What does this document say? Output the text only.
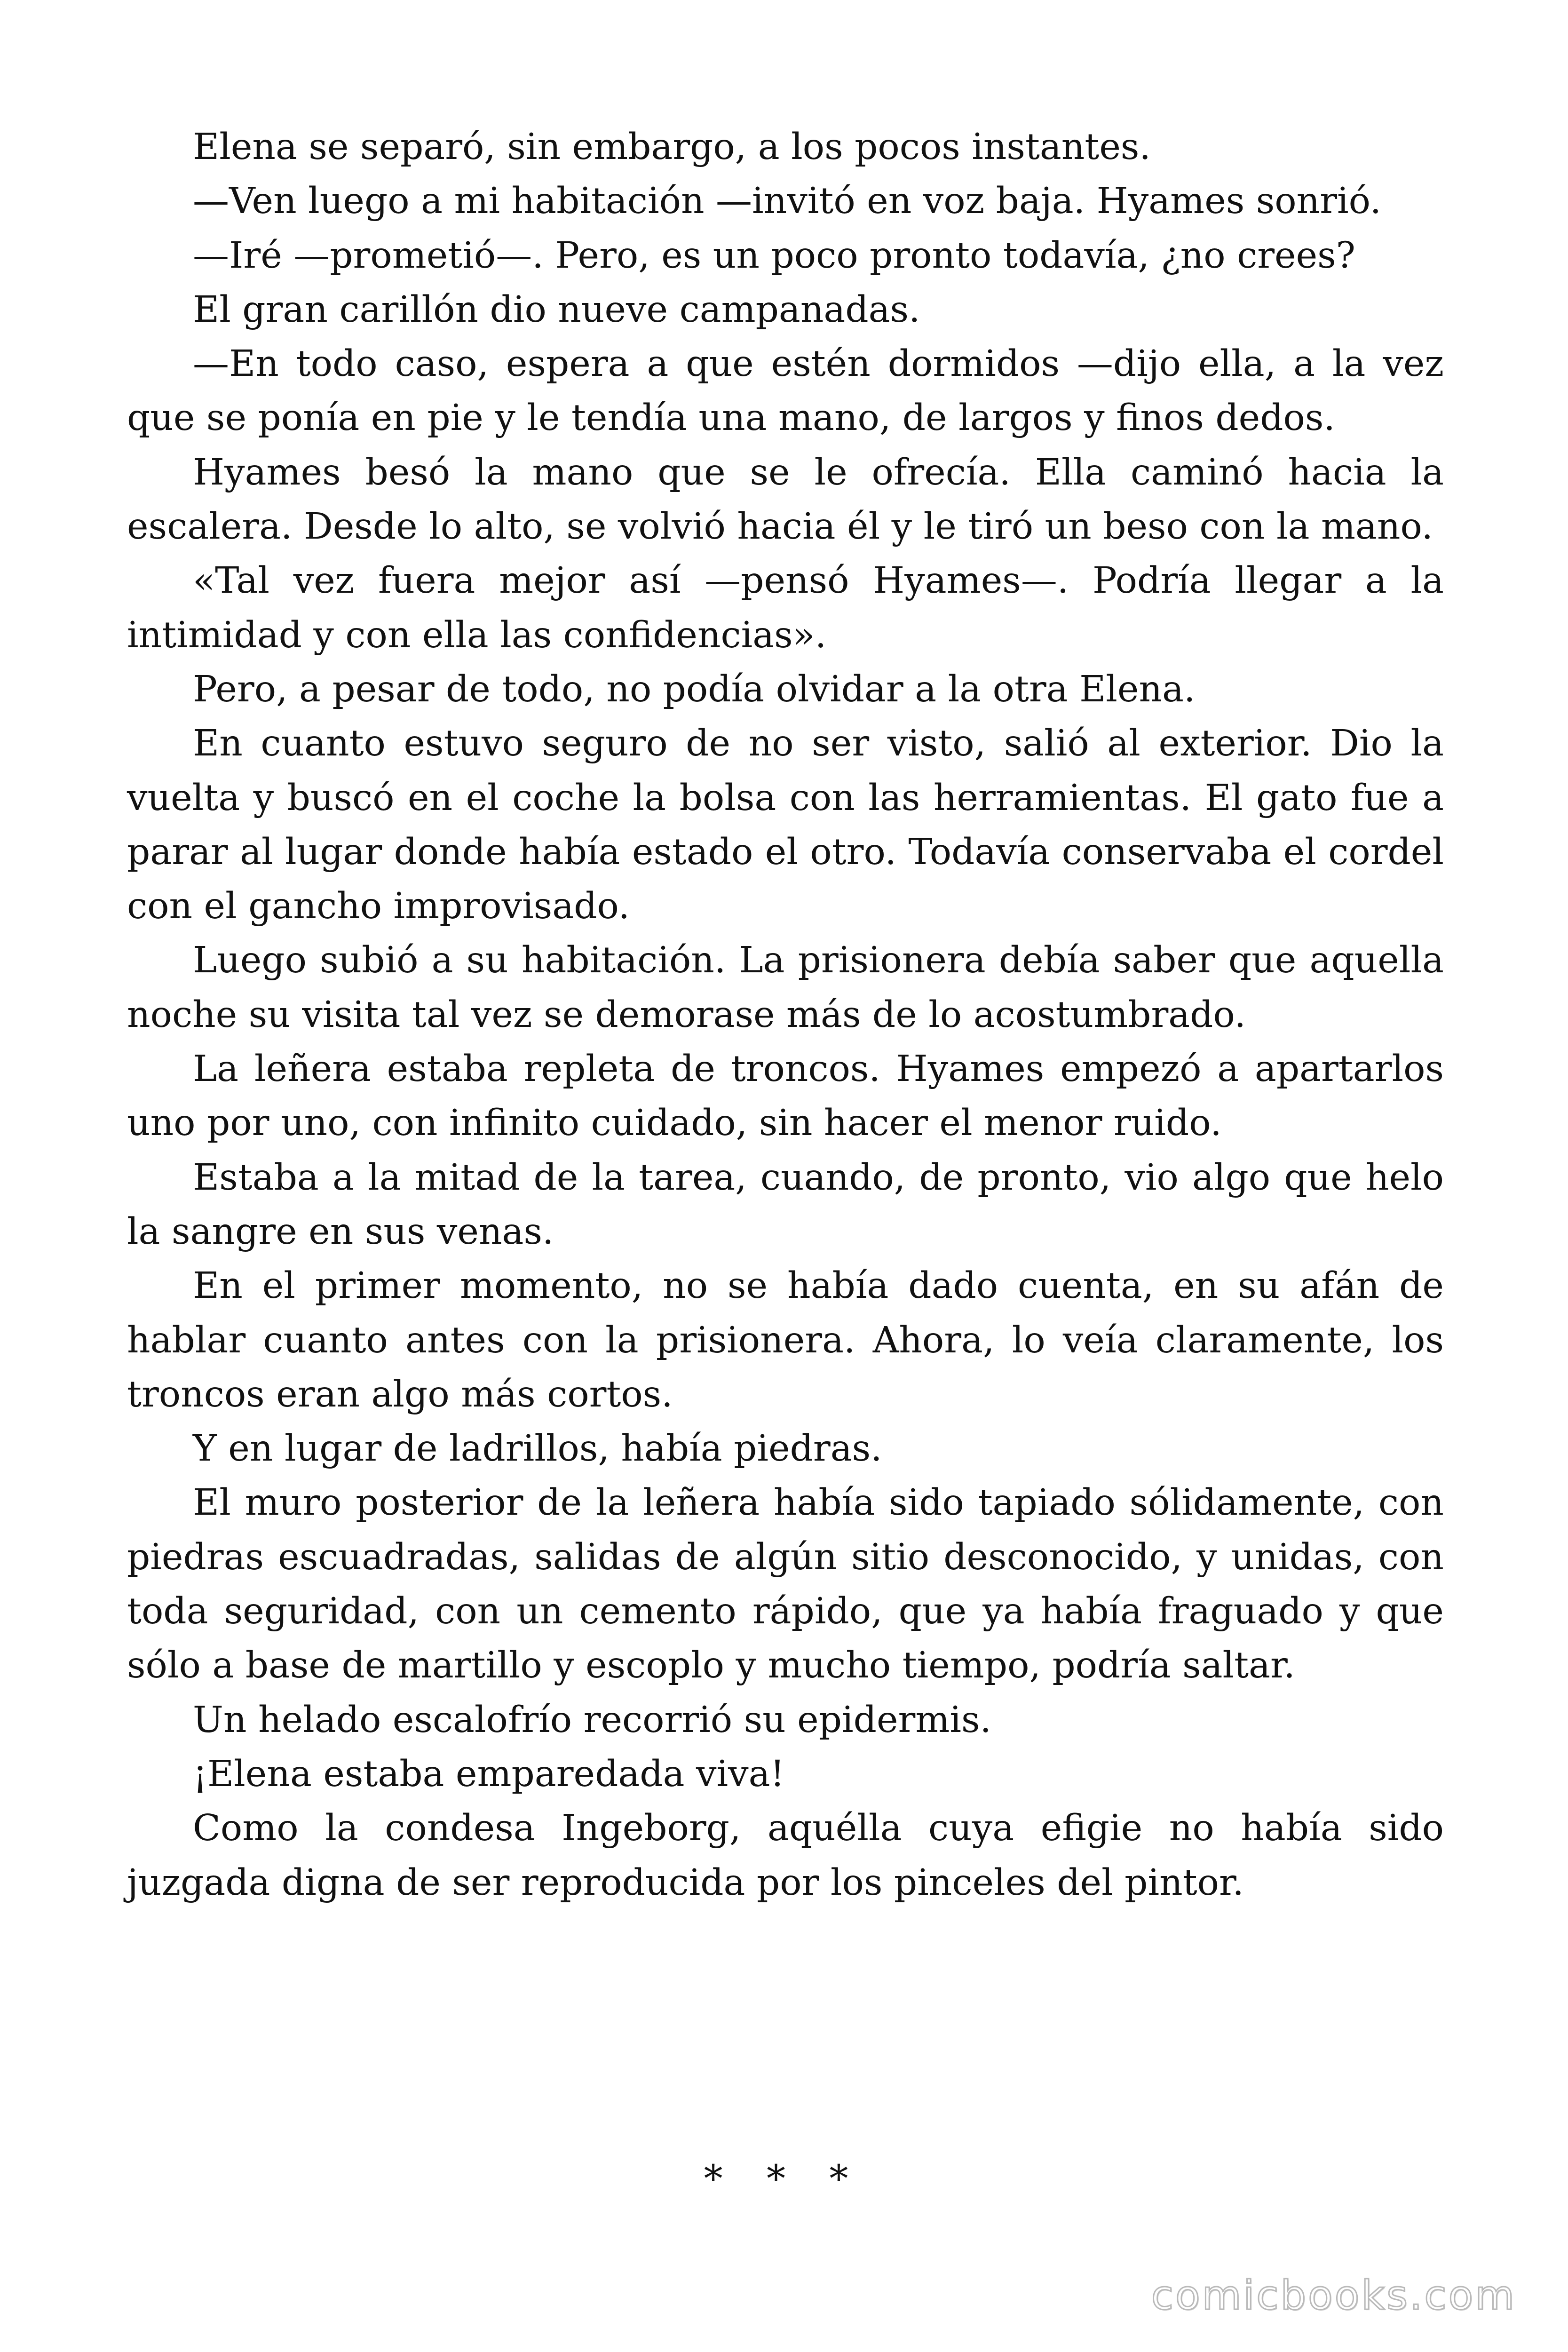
Elena se separó, sin embargo, a los pocos instantes.

—Ven luego a mi habitación —invitó en voz baja. Hyames sonrió.

—Iré —prometió—. Pero, es un poco pronto todavía, ¿no crees?

El gran carillón dio nueve campanadas.

—En todo caso, espera a que estén dormidos —dijo ella, a la vez que se ponía en pie y le tendía una mano, de largos y finos dedos.

Hyames besó la mano que se le ofrecía. Ella caminó hacia la escalera. Desde lo alto, se volvió hacia él y le tiró un beso con la mano.

«Tal vez fuera mejor así —pensó Hyames—. Podría llegar a la intimidad y con ella las confidencias».

Pero, a pesar de todo, no podía olvidar a la otra Elena.

En cuanto estuvo seguro de no ser visto, salió al exterior. Dio la vuelta y buscó en el coche la bolsa con las herramientas. El gato fue a parar al lugar donde había estado el otro. Todavía conservaba el cordel con el gancho improvisado.

Luego subió a su habitación. La prisionera debía saber que aquella noche su visita tal vez se demorase más de lo acostumbrado.

La leñera estaba repleta de troncos. Hyames empezó a apartarlos uno por uno, con infinito cuidado, sin hacer el menor ruido.

Estaba a la mitad de la tarea, cuando, de pronto, vio algo que helo la sangre en sus venas.

En el primer momento, no se había dado cuenta, en su afán de hablar cuanto antes con la prisionera. Ahora, lo veía claramente, los troncos eran algo más cortos.

Y en lugar de ladrillos, había piedras.

El muro posterior de la leñera había sido tapiado sólidamente, con piedras escuadradas, salidas de algún sitio desconocido, y unidas, con toda seguridad, con un cemento rápido, que ya había fraguado y que sólo a base de martillo y escoplo y mucho tiempo, podría saltar.

Un helado escalofrío recorrió su epidermis.

¡Elena estaba emparedada viva!

Como la condesa Ingeborg, aquélla cuya efigie no había sido juzgada digna de ser reproducida por los pinceles del pintor.

* * *
comicbooks.com
